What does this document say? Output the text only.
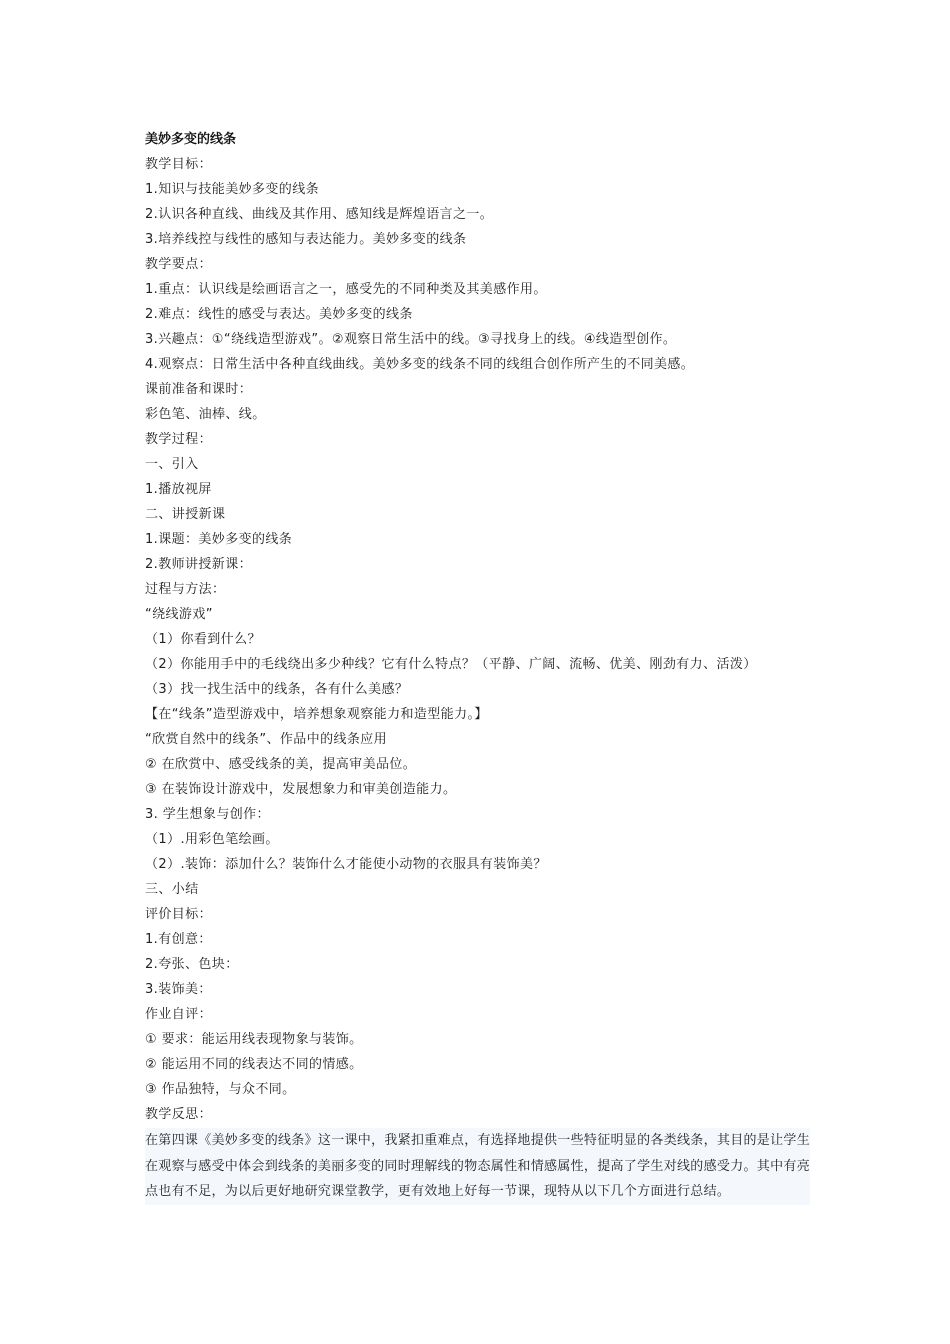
美妙多变的线条
教学目标：
1.知识与技能美妙多变的线条
2.认识各种直线、曲线及其作用、感知线是辉煌语言之一。
3.培养线控与线性的感知与表达能力。美妙多变的线条
教学要点：
1.重点：认识线是绘画语言之一，感受先的不同种类及其美感作用。
2.难点：线性的感受与表达。美妙多变的线条
3.兴趣点：①“绕线造型游戏”。②观察日常生活中的线。③寻找身上的线。④线造型创作。
4.观察点：日常生活中各种直线曲线。美妙多变的线条不同的线组合创作所产生的不同美感。
课前准备和课时：
彩色笔、油棒、线。
教学过程：
一、引入
1.播放视屏
二、讲授新课
1.课题：美妙多变的线条
2.教师讲授新课：
过程与方法：
“绕线游戏”
（1）你看到什么？
（2）你能用手中的毛线绕出多少种线？它有什么特点？（平静、广阔、流畅、优美、刚劲有力、活泼）
（3）找一找生活中的线条，各有什么美感？
【在“线条”造型游戏中，培养想象观察能力和造型能力。】
“欣赏自然中的线条”、作品中的线条应用
② 在欣赏中、感受线条的美，提高审美品位。
③ 在装饰设计游戏中，发展想象力和审美创造能力。
3. 学生想象与创作：
（1）.用彩色笔绘画。
（2）.装饰：添加什么？装饰什么才能使小动物的衣服具有装饰美？
三、小结
评价目标：
1.有创意：
2.夸张、色块：
3.装饰美：
作业自评：
① 要求：能运用线表现物象与装饰。
② 能运用不同的线表达不同的情感。
③ 作品独特，与众不同。
教学反思：
在第四课《美妙多变的线条》这一课中，我紧扣重难点，有选择地提供一些特征明显的各类线条，其目的是让学生在观察与感受中体会到线条的美丽多变的同时理解线的物态属性和情感属性，提高了学生对线的感受力。其中有亮点也有不足，为以后更好地研究课堂教学，更有效地上好每一节课，现特从以下几个方面进行总结。
